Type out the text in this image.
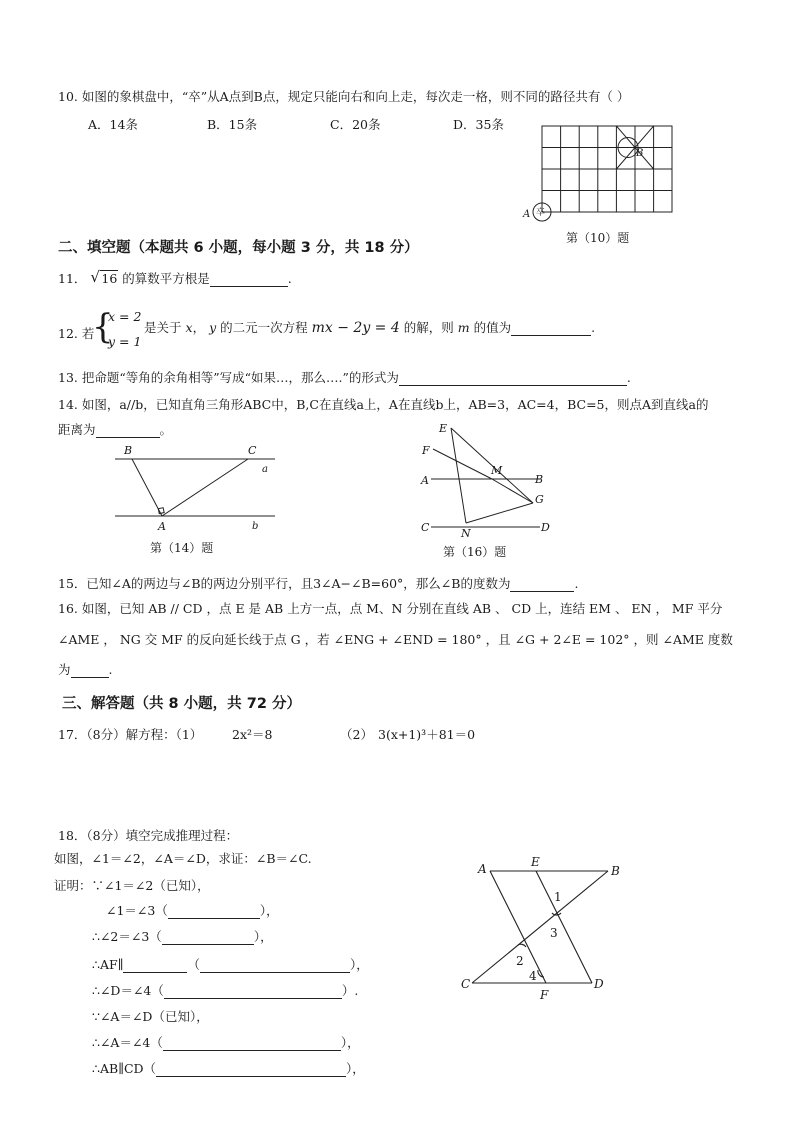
10. 如图的象棋盘中，“卒”从A点到B点，规定只能向右和向上走，每次走一格，则不同的路径共有（ ）
A．14条	B．15条	C．20条	D．35条
B
A 卒
第（10）题
二、填空题（本题共 6 小题，每小题 3 分，共 18 分）
11． √ 16 的算数平方根是	.
12. 若
{
x = 2
y = 1
是关于 x， y 的二元一次方程 mx − 2y = 4 的解，则 m 的值为	.
13. 把命题“等角的余角相等”写成“如果…，那么….”的形式为	.
14. 如图，a//b，已知直角三角形ABC中，B,C在直线a上，A在直线b上，AB=3，AC=4，BC=5，则点A到直线a的
距离为	。
B	C
a
A	b
第（14）题
E
F
A
M
B
G
C	N	D
第（16）题
15．已知∠A的两边与∠B的两边分别平行，且3∠A−∠B=60°，那么∠B的度数为	.
16. 如图，已知 AB // CD ，点 E 是 AB 上方一点，点 M、N 分别在直线 AB 、 CD 上，连结 EM 、 EN ， MF 平分
∠AME ， NG 交 MF 的反向延长线于点 G ，若 ∠ENG + ∠END = 180° ，且 ∠G + 2∠E = 102° ，则 ∠AME 度数
为	.
三、解答题（共 8 小题，共 72 分）
17．（8分）解方程：（1） 2x²＝8	（2） 3(x+1)³＋81＝0
18．（8分）填空完成推理过程：
如图，∠1＝∠2，∠A＝∠D，求证：∠B＝∠C.
证明：∵∠1＝∠2（已知），
∠1＝∠3（	），
∴∠2＝∠3（	），
∴AF∥	（	），
∴∠D＝∠4（	）.
∵∠A＝∠D（已知），
∴∠A＝∠4（	），
∴AB∥CD（	），
A	E
B
1
3
2
4
C
F
D
